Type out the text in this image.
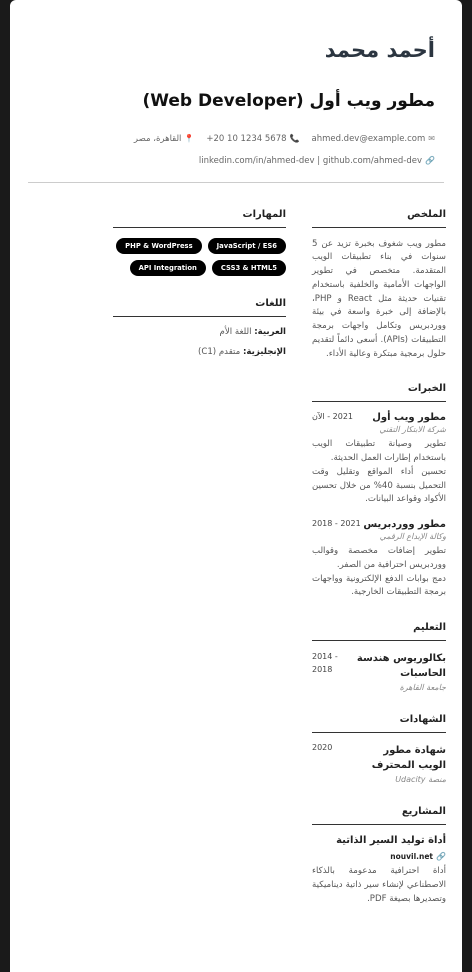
أحمد محمد
مطور ويب أول (Web Developer)
✉
ahmed.dev@example.com
📞
+20 10 1234 5678
📍
القاهرة، مصر
🔗
linkedin.com/in/ahmed-dev | github.com/ahmed-dev
الملخص
مطور ويب شغوف بخبرة تزيد عن 5 سنوات في بناء تطبيقات الويب المتقدمة. متخصص في تطوير الواجهات الأمامية والخلفية باستخدام تقنيات حديثة مثل React و PHP، بالإضافة إلى خبرة واسعة في بيئة ووردبريس وتكامل واجهات برمجة التطبيقات (APIs). أسعى دائماً لتقديم حلول برمجية مبتكرة وعالية الأداء.
الخبرات
مطور ويب أول
2021 - الآن
شركة الابتكار التقني
تطوير وصيانة تطبيقات الويب باستخدام إطارات العمل الحديثة.
تحسين أداء المواقع وتقليل وقت التحميل بنسبة 40% من خلال تحسين الأكواد وقواعد البيانات.
مطور ووردبريس
2018 - 2021
وكالة الإبداع الرقمي
تطوير إضافات مخصصة وقوالب ووردبريس احترافية من الصفر.
دمج بوابات الدفع الإلكترونية وواجهات برمجة التطبيقات الخارجية.
التعليم
بكالوريوس هندسة الحاسبات
2014 - 2018
جامعة القاهرة
الشهادات
شهادة مطور الويب المحترف
2020
منصة Udacity
المشاريع
أداة توليد السير الذاتية
🔗
nouvil.net
أداة احترافية مدعومة بالذكاء الاصطناعي لإنشاء سير ذاتية ديناميكية وتصديرها بصيغة PDF.
المهارات
JavaScript / ES6
PHP & WordPress
CSS3 & HTML5
API Integration
اللغات
العربية: اللغة الأم
الإنجليزية: متقدم (C1)
